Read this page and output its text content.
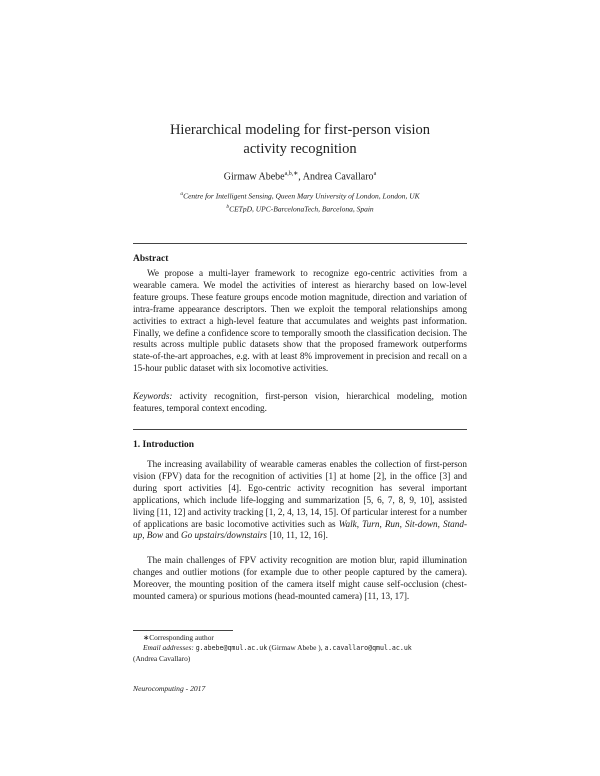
Hierarchical modeling for first-person vision
activity recognition
Girmaw Abebe$^{a,b,∗}$, Andrea Cavallaro$^a$
$^a$Centre for Intelligent Sensing, Queen Mary University of London, London, UK
$^b$CETpD, UPC-BarcelonaTech, Barcelona, Spain
Abstract
We propose a multi-layer framework to recognize ego-centric activities from a wearable camera. We model the activities of interest as hierarchy based on low-level feature groups. These feature groups encode motion magnitude, direction and variation of intra-frame appearance descriptors. Then we exploit the temporal relationships among activities to extract a high-level feature that accumulates and weights past information. Finally, we define a confidence score to temporally smooth the classification decision. The results across multiple public datasets show that the proposed framework outperforms state-of-the-art approaches, e.g. with at least 8% improvement in precision and recall on a 15-hour public dataset with six locomotive activities.
Keywords: activity recognition, first-person vision, hierarchical modeling, motion features, temporal context encoding.
1. Introduction
The increasing availability of wearable cameras enables the collection of first-person vision (FPV) data for the recognition of activities [1] at home [2], in the office [3] and during sport activities [4]. Ego-centric activity recognition has several important applications, which include life-logging and summarization [5, 6, 7, 8, 9, 10], assisted living [11, 12] and activity tracking [1, 2, 4, 13, 14, 15]. Of particular interest for a number of applications are basic locomotive activities such as Walk, Turn, Run, Sit-down, Stand-up, Bow and Go upstairs/downstairs [10, 11, 12, 16].
The main challenges of FPV activity recognition are motion blur, rapid illumination changes and outlier motions (for example due to other people captured by the camera). Moreover, the mounting position of the camera itself might cause self-occlusion (chest-mounted camera) or spurious motions (head-mounted camera) [11, 13, 17].
∗Corresponding author
Email addresses: g.abebe@qmul.ac.uk (Girmaw Abebe ), a.cavallaro@qmul.ac.uk
(Andrea Cavallaro)
Neurocomputing - 2017
